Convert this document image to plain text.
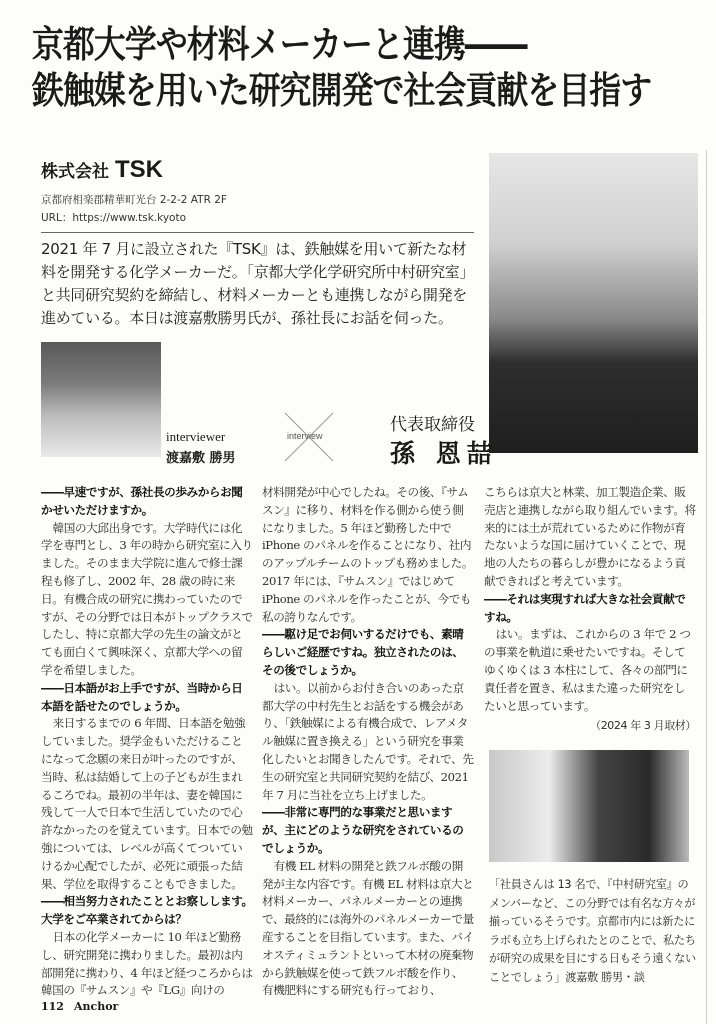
京都大学や材料メーカーと連携――
鉄触媒を用いた研究開発で社会貢献を目指す
株式会社 TSK
京都府相楽郡精華町光台 2-2-2 ATR 2F
URL：https://www.tsk.kyoto
2021 年 7 月に設立された『TSK』は、鉄触媒を用いて新たな材料を開発する化学メーカーだ。「京都大学化学研究所中村研究室」と共同研究契約を締結し、材料メーカーとも連携しながら開発を進めている。本日は渡嘉敷勝男氏が、孫社長にお話を伺った。
interviewer
渡嘉敷 勝男
interview
代表取締役
孫 恩喆

――早速ですが、孫社長の歩みからお聞かせいただけますか。

韓国の大邱出身です。大学時代には化学を専門とし、3 年の時から研究室に入りました。そのまま大学院に進んで修士課程も修了し、2002 年、28 歳の時に来日。有機合成の研究に携わっていたのですが、その分野では日本がトップクラスでしたし、特に京都大学の先生の論文がとても面白くて興味深く、京都大学への留学を希望しました。

――日本語がお上手ですが、当時から日本語を話せたのでしょうか。

来日するまでの 6 年間、日本語を勉強していました。奨学金もいただけることになって念願の来日が叶ったのですが、当時、私は結婚して上の子どもが生まれるころでね。最初の半年は、妻を韓国に残して一人で日本で生活していたので心許なかったのを覚えています。日本での勉強については、レベルが高くてついていけるか心配でしたが、必死に頑張った結果、学位を取得することもできました。

――相当努力されたこととお察しします。大学をご卒業されてからは？

日本の化学メーカーに 10 年ほど勤務し、研究開発に携わりました。最初は内部開発に携わり、4 年ほど経つころからは韓国の『サムスン』や『LG』向けの

材料開発が中心でしたね。その後、『サムスン』に移り、材料を作る側から使う側になりました。5 年ほど勤務した中で iPhone のパネルを作ることになり、社内のアップルチームのトップも務めました。2017 年には、『サムスン』ではじめて iPhone のパネルを作ったことが、今でも私の誇りなんです。

――駆け足でお伺いするだけでも、素晴らしいご経歴ですね。独立されたのは、その後でしょうか。

はい。以前からお付き合いのあった京都大学の中村先生とお話をする機会があり、「鉄触媒による有機合成で、レアメタル触媒に置き換える」という研究を事業化したいとお聞きしたんです。それで、先生の研究室と共同研究契約を結び、2021 年 7 月に当社を立ち上げました。

――非常に専門的な事業だと思いますが、主にどのような研究をされているのでしょうか。

有機 EL 材料の開発と鉄フルボ酸の開発が主な内容です。有機 EL 材料は京大と材料メーカー、パネルメーカーとの連携で、最終的には海外のパネルメーカーで量産することを目指しています。また、バイオスティミュラントといって木材の廃棄物から鉄触媒を使って鉄フルボ酸を作り、有機肥料にする研究も行っており、

こちらは京大と林業、加工製造企業、販売店と連携しながら取り組んでいます。将来的には土が荒れているために作物が育たないような国に届けていくことで、現地の人たちの暮らしが豊かになるよう貢献できればと考えています。

――それは実現すれば大きな社会貢献ですね。

はい。まずは、これからの 3 年で 2 つの事業を軌道に乗せたいですね。そしてゆくゆくは 3 本柱にして、各々の部門に責任者を置き、私はまた違った研究をしたいと思っています。

（2024 年 3 月取材）
「社員さんは 13 名で、『中村研究室』のメンバーなど、この分野では有名な方々が揃っているそうです。京都市内には新たにラボも立ち上げられたとのことで、私たちが研究の成果を目にする日もそう遠くないことでしょう」渡嘉敷 勝男・談
112 Anchor
